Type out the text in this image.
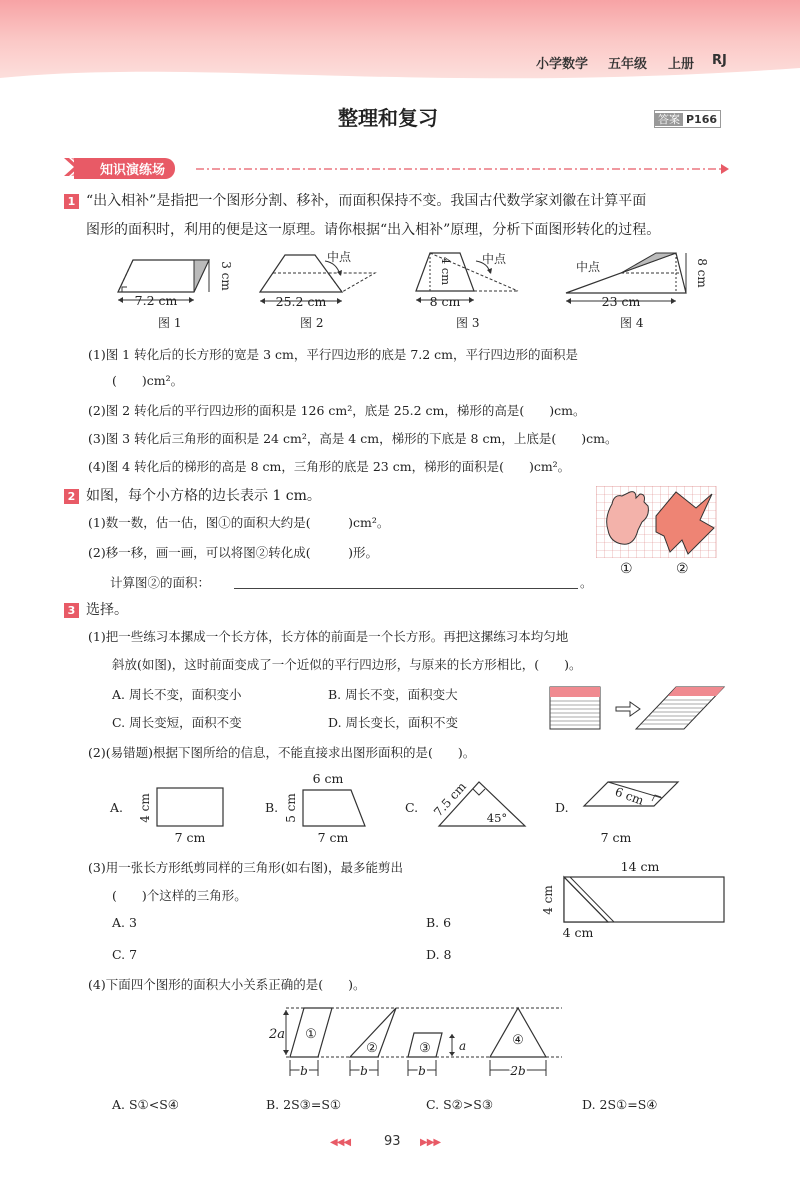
小学数学 五年级 上册 RJ
整理和复习	答案 P166
知识演练场
1 “出入相补”是指把一个图形分割、移补，而面积保持不变。我国古代数学家刘徽在计算平面
图形的面积时，利用的便是这一原理。请你根据“出入相补”原理，分析下面图形转化的过程。
7.2 cm
3 cm
图 1
中点
25.2 cm
图 2
中点
4 cm
8 cm
图 3
中点	8 cm
23 cm
图 4
(1)图 1 转化后的长方形的宽是 3 cm，平行四边形的底是 7.2 cm，平行四边形的面积是
(　　)cm²。
(2)图 2 转化后的平行四边形的面积是 126 cm²，底是 25.2 cm，梯形的高是(　　)cm。
(3)图 3 转化后三角形的面积是 24 cm²，高是 4 cm，梯形的下底是 8 cm，上底是(　　)cm。
(4)图 4 转化后的梯形的高是 8 cm，三角形的底是 23 cm，梯形的面积是(　　)cm²。
2 如图，每个小方格的边长表示 1 cm。
(1)数一数，估一估，图①的面积大约是(　　　)cm²。
(2)移一移，画一画，可以将图②转化成(　　　)形。
计算图②的面积：	。
①	②
3 选择。
(1)把一些练习本摞成一个长方体，长方体的前面是一个长方形。再把这摞练习本均匀地
斜放(如图)，这时前面变成了一个近似的平行四边形，与原来的长方形相比，(　　)。
A. 周长不变，面积变小	B. 周长不变，面积变大
C. 周长变短，面积不变	D. 周长变长，面积不变
(2)(易错题)根据下图所给的信息，不能直接求出图形面积的是(　　)。
A. 4 cm
7 cm
B.
6 cm
5 cm
7 cm
C. 7.5 cm 45°
D.	6 cm
7 cm
(3)用一张长方形纸剪同样的三角形(如右图)，最多能剪出
(　　)个这样的三角形。
A. 3	B. 6
C. 7	D. 8
14 cm
4 cm
4 cm
(4)下面四个图形的面积大小关系正确的是(　　)。
2a ①
②	③ a	④
b	b	b	2b
A. S①<S④	B. 2S③=S①	C. S②>S③	D. 2S①=S④
◀◀◀	93 ▶▶▶
